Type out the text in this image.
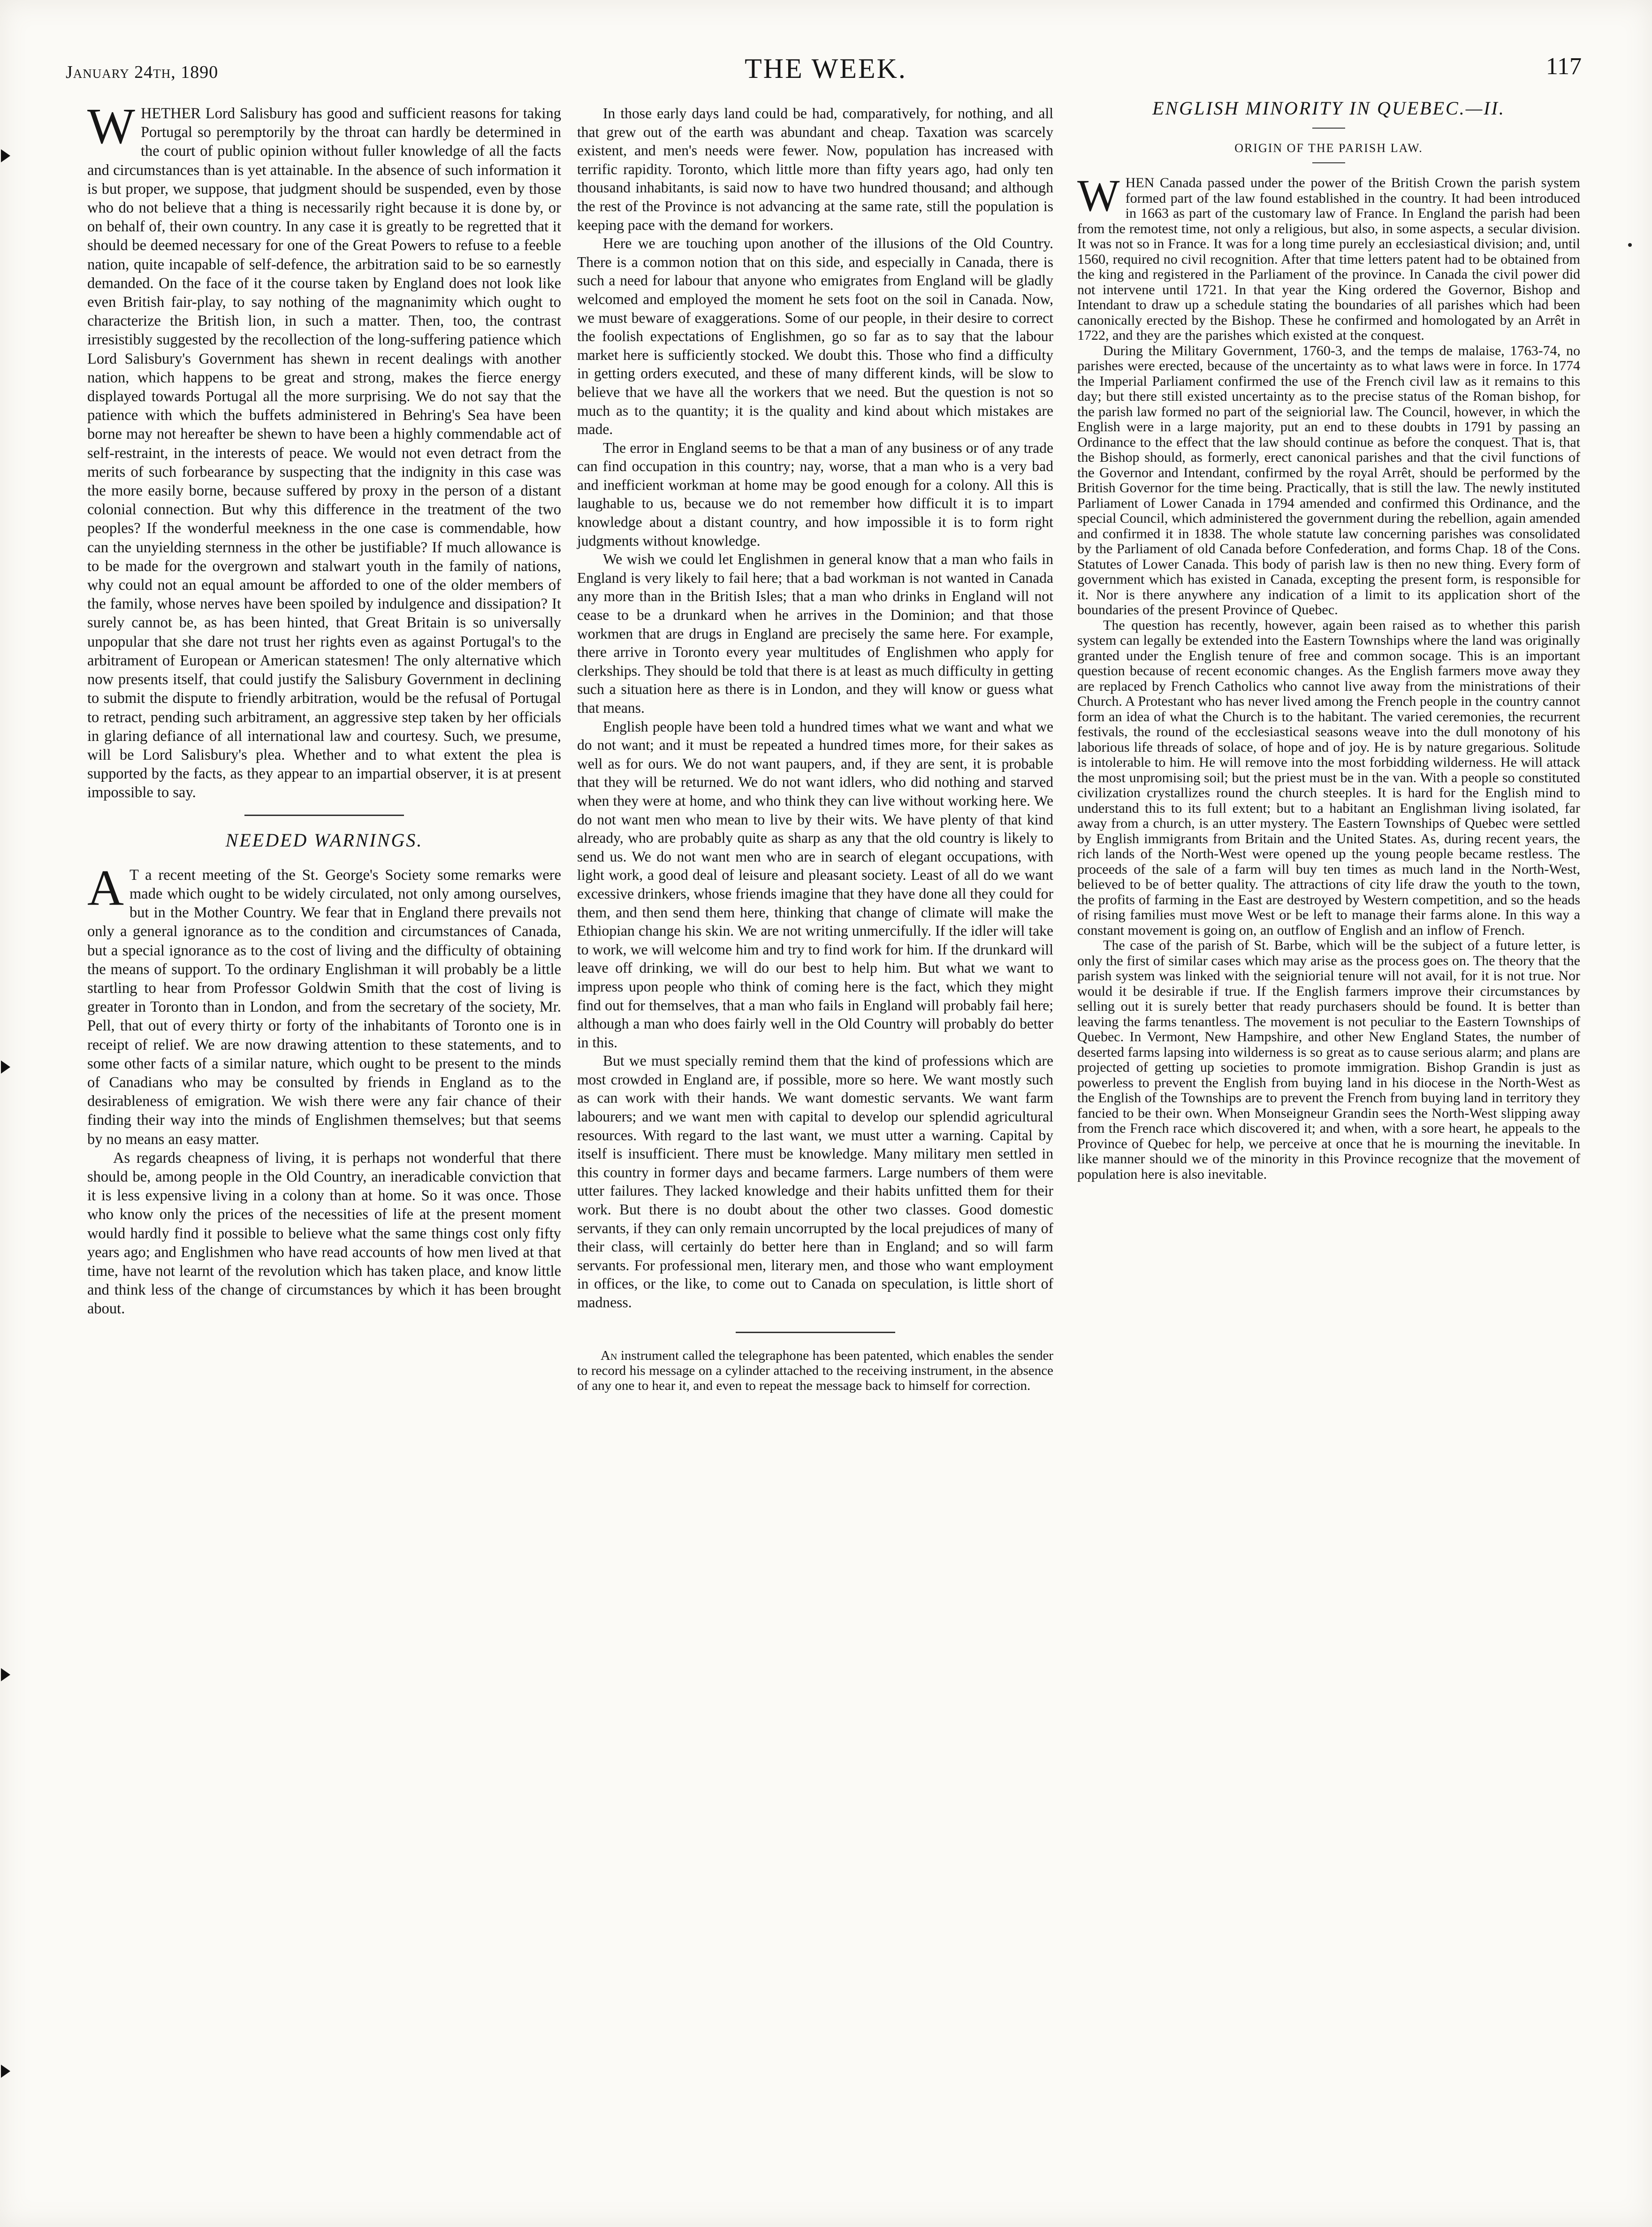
January 24th, 1890	THE WEEK.	117

WHETHER Lord Salisbury has good and sufficient reasons for taking Portugal so peremptorily by the throat can hardly be determined in the court of public opinion without fuller knowledge of all the facts and circumstances than is yet attainable. In the absence of such information it is but proper, we suppose, that judgment should be suspended, even by those who do not believe that a thing is necessarily right because it is done by, or on behalf of, their own country. In any case it is greatly to be regretted that it should be deemed necessary for one of the Great Powers to refuse to a feeble nation, quite incapable of self-defence, the arbitration said to be so earnestly demanded. On the face of it the course taken by England does not look like even British fair-play, to say nothing of the magnanimity which ought to characterize the British lion, in such a matter. Then, too, the contrast irresistibly suggested by the recollection of the long-suffering patience which Lord Salisbury's Government has shewn in recent dealings with another nation, which happens to be great and strong, makes the fierce energy displayed towards Portugal all the more surprising. We do not say that the patience with which the buffets administered in Behring's Sea have been borne may not hereafter be shewn to have been a highly commendable act of self-restraint, in the interests of peace. We would not even detract from the merits of such forbearance by suspecting that the indignity in this case was the more easily borne, because suffered by proxy in the person of a distant colonial connection. But why this difference in the treatment of the two peoples? If the wonderful meekness in the one case is commendable, how can the unyielding sternness in the other be justifiable? If much allowance is to be made for the overgrown and stalwart youth in the family of nations, why could not an equal amount be afforded to one of the older members of the family, whose nerves have been spoiled by indulgence and dissipation? It surely cannot be, as has been hinted, that Great Britain is so universally unpopular that she dare not trust her rights even as against Portugal's to the arbitrament of European or American statesmen! The only alternative which now presents itself, that could justify the Salisbury Government in declining to submit the dispute to friendly arbitration, would be the refusal of Portugal to retract, pending such arbitrament, an aggressive step taken by her officials in glaring defiance of all international law and courtesy. Such, we presume, will be Lord Salisbury's plea. Whether and to what extent the plea is supported by the facts, as they appear to an impartial observer, it is at present impossible to say.

NEEDED WARNINGS.

A T a recent meeting of the St. George's Society some remarks were made which ought to be widely circulated, not only among ourselves, but in the Mother Country. We fear that in England there prevails not only a general ignorance as to the condition and circumstances of Canada, but a special ignorance as to the cost of living and the difficulty of obtaining the means of support. To the ordinary Englishman it will probably be a little startling to hear from Professor Goldwin Smith that the cost of living is greater in Toronto than in London, and from the secretary of the society, Mr. Pell, that out of every thirty or forty of the inhabitants of Toronto one is in receipt of relief. We are now drawing attention to these statements, and to some other facts of a similar nature, which ought to be present to the minds of Canadians who may be consulted by friends in England as to the desirableness of emigration. We wish there were any fair chance of their finding their way into the minds of Englishmen themselves; but that seems by no means an easy matter.

As regards cheapness of living, it is perhaps not wonderful that there should be, among people in the Old Country, an ineradicable conviction that it is less expensive living in a colony than at home. So it was once. Those who know only the prices of the necessities of life at the present moment would hardly find it possible to believe what the same things cost only fifty years ago; and Englishmen who have read accounts of how men lived at that time, have not learnt of the revolution which has taken place, and know little and think less of the change of circumstances by which it has been brought about.

In those early days land could be had, comparatively, for nothing, and all that grew out of the earth was abundant and cheap. Taxation was scarcely existent, and men's needs were fewer. Now, population has increased with terrific rapidity. Toronto, which little more than fifty years ago, had only ten thousand inhabitants, is said now to have two hundred thousand; and although the rest of the Province is not advancing at the same rate, still the population is keeping pace with the demand for workers.

Here we are touching upon another of the illusions of the Old Country. There is a common notion that on this side, and especially in Canada, there is such a need for labour that anyone who emigrates from England will be gladly welcomed and employed the moment he sets foot on the soil in Canada. Now, we must beware of exaggerations. Some of our people, in their desire to correct the foolish expectations of Englishmen, go so far as to say that the labour market here is sufficiently stocked. We doubt this. Those who find a difficulty in getting orders executed, and these of many different kinds, will be slow to believe that we have all the workers that we need. But the question is not so much as to the quantity; it is the quality and kind about which mistakes are made.

The error in England seems to be that a man of any business or of any trade can find occupation in this country; nay, worse, that a man who is a very bad and inefficient workman at home may be good enough for a colony. All this is laughable to us, because we do not remember how difficult it is to impart knowledge about a distant country, and how impossible it is to form right judgments without knowledge.

We wish we could let Englishmen in general know that a man who fails in England is very likely to fail here; that a bad workman is not wanted in Canada any more than in the British Isles; that a man who drinks in England will not cease to be a drunkard when he arrives in the Dominion; and that those workmen that are drugs in England are precisely the same here. For example, there arrive in Toronto every year multitudes of Englishmen who apply for clerkships. They should be told that there is at least as much difficulty in getting such a situation here as there is in London, and they will know or guess what that means.

English people have been told a hundred times what we want and what we do not want; and it must be repeated a hundred times more, for their sakes as well as for ours. We do not want paupers, and, if they are sent, it is probable that they will be returned. We do not want idlers, who did nothing and starved when they were at home, and who think they can live without working here. We do not want men who mean to live by their wits. We have plenty of that kind already, who are probably quite as sharp as any that the old country is likely to send us. We do not want men who are in search of elegant occupations, with light work, a good deal of leisure and pleasant society. Least of all do we want excessive drinkers, whose friends imagine that they have done all they could for them, and then send them here, thinking that change of climate will make the Ethiopian change his skin. We are not writing unmercifully. If the idler will take to work, we will welcome him and try to find work for him. If the drunkard will leave off drinking, we will do our best to help him. But what we want to impress upon people who think of coming here is the fact, which they might find out for themselves, that a man who fails in England will probably fail here; although a man who does fairly well in the Old Country will probably do better in this.

But we must specially remind them that the kind of professions which are most crowded in England are, if possible, more so here. We want mostly such as can work with their hands. We want domestic servants. We want farm labourers; and we want men with capital to develop our splendid agricultural resources. With regard to the last want, we must utter a warning. Capital by itself is insufficient. There must be knowledge. Many military men settled in this country in former days and became farmers. Large numbers of them were utter failures. They lacked knowledge and their habits unfitted them for their work. But there is no doubt about the other two classes. Good domestic servants, if they can only remain uncorrupted by the local prejudices of many of their class, will certainly do better here than in England; and so will farm servants. For professional men, literary men, and those who want employment in offices, or the like, to come out to Canada on speculation, is little short of madness.

An instrument called the telegraphone has been patented, which enables the sender to record his message on a cylinder attached to the receiving instrument, in the absence of any one to hear it, and even to repeat the message back to himself for correction.

ENGLISH MINORITY IN QUEBEC.—II.
ORIGIN OF THE PARISH LAW.

WHEN Canada passed under the power of the British Crown the parish system formed part of the law found established in the country. It had been introduced in 1663 as part of the customary law of France. In England the parish had been from the remotest time, not only a religious, but also, in some aspects, a secular division. It was not so in France. It was for a long time purely an ecclesiastical division; and, until 1560, required no civil recognition. After that time letters patent had to be obtained from the king and registered in the Parliament of the province. In Canada the civil power did not intervene until 1721. In that year the King ordered the Governor, Bishop and Intendant to draw up a schedule stating the boundaries of all parishes which had been canonically erected by the Bishop. These he confirmed and homologated by an Arrêt in 1722, and they are the parishes which existed at the conquest.

During the Military Government, 1760-3, and the temps de malaise, 1763-74, no parishes were erected, because of the uncertainty as to what laws were in force. In 1774 the Imperial Parliament confirmed the use of the French civil law as it remains to this day; but there still existed uncertainty as to the precise status of the Roman bishop, for the parish law formed no part of the seigniorial law. The Council, however, in which the English were in a large majority, put an end to these doubts in 1791 by passing an Ordinance to the effect that the law should continue as before the conquest. That is, that the Bishop should, as formerly, erect canonical parishes and that the civil functions of the Governor and Intendant, confirmed by the royal Arrêt, should be performed by the British Governor for the time being. Practically, that is still the law. The newly instituted Parliament of Lower Canada in 1794 amended and confirmed this Ordinance, and the special Council, which administered the government during the rebellion, again amended and confirmed it in 1838. The whole statute law concerning parishes was consolidated by the Parliament of old Canada before Confederation, and forms Chap. 18 of the Cons. Statutes of Lower Canada. This body of parish law is then no new thing. Every form of government which has existed in Canada, excepting the present form, is responsible for it. Nor is there anywhere any indication of a limit to its application short of the boundaries of the present Province of Quebec.

The question has recently, however, again been raised as to whether this parish system can legally be extended into the Eastern Townships where the land was originally granted under the English tenure of free and common socage. This is an important question because of recent economic changes. As the English farmers move away they are replaced by French Catholics who cannot live away from the ministrations of their Church. A Protestant who has never lived among the French people in the country cannot form an idea of what the Church is to the habitant. The varied ceremonies, the recurrent festivals, the round of the ecclesiastical seasons weave into the dull monotony of his laborious life threads of solace, of hope and of joy. He is by nature gregarious. Solitude is intolerable to him. He will remove into the most forbidding wilderness. He will attack the most unpromising soil; but the priest must be in the van. With a people so constituted civilization crystallizes round the church steeples. It is hard for the English mind to understand this to its full extent; but to a habitant an Englishman living isolated, far away from a church, is an utter mystery. The Eastern Townships of Quebec were settled by English immigrants from Britain and the United States. As, during recent years, the rich lands of the North-West were opened up the young people became restless. The proceeds of the sale of a farm will buy ten times as much land in the North-West, believed to be of better quality. The attractions of city life draw the youth to the town, the profits of farming in the East are destroyed by Western competition, and so the heads of rising families must move West or be left to manage their farms alone. In this way a constant movement is going on, an outflow of English and an inflow of French.

The case of the parish of St. Barbe, which will be the subject of a future letter, is only the first of similar cases which may arise as the process goes on. The theory that the parish system was linked with the seigniorial tenure will not avail, for it is not true. Nor would it be desirable if true. If the English farmers improve their circumstances by selling out it is surely better that ready purchasers should be found. It is better than leaving the farms tenantless. The movement is not peculiar to the Eastern Townships of Quebec. In Vermont, New Hampshire, and other New England States, the number of deserted farms lapsing into wilderness is so great as to cause serious alarm; and plans are projected of getting up societies to promote immigration. Bishop Grandin is just as powerless to prevent the English from buying land in his diocese in the North-West as the English of the Townships are to prevent the French from buying land in territory they fancied to be their own. When Monseigneur Grandin sees the North-West slipping away from the French race which discovered it; and when, with a sore heart, he appeals to the Province of Quebec for help, we perceive at once that he is mourning the inevitable. In like manner should we of the minority in this Province recognize that the movement of population here is also inevitable.
